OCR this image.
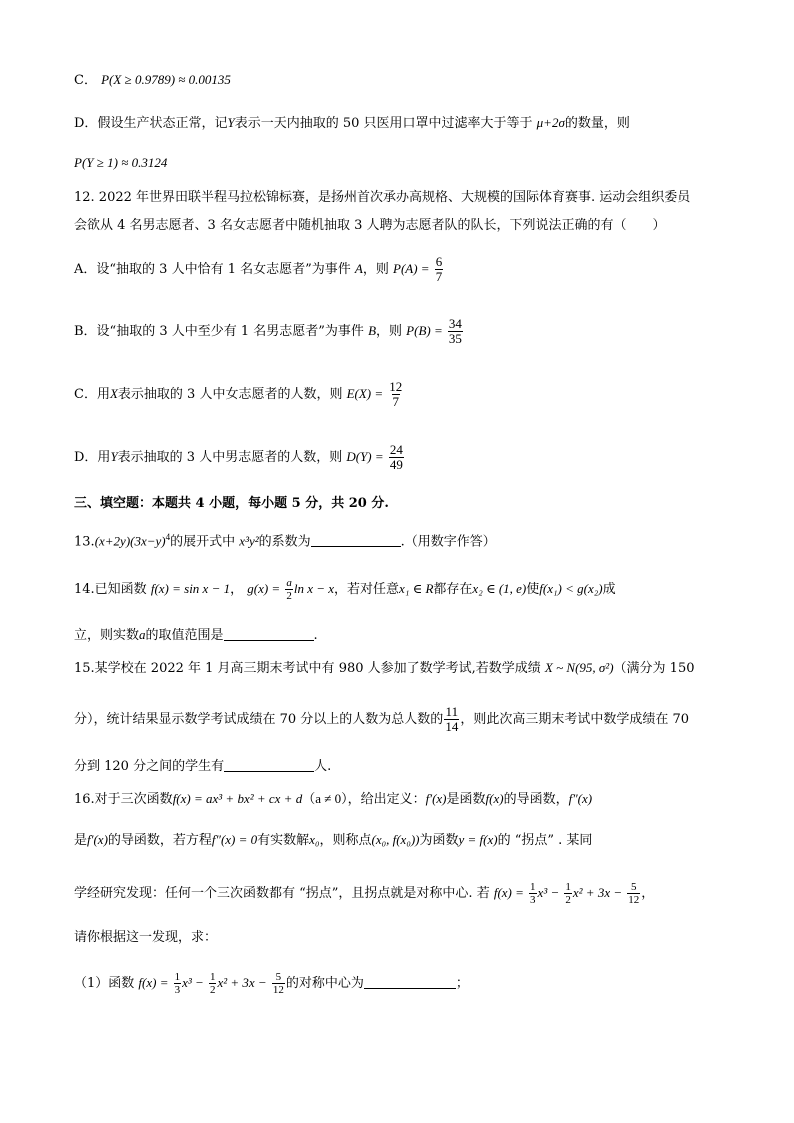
C． P(X ≥ 0.9789) ≈ 0.00135
D．假设生产状态正常，记Y表示一天内抽取的 50 只医用口罩中过滤率大于等于 μ+2σ的数量，则
P(Y ≥ 1) ≈ 0.3124
12. 2022 年世界田联半程马拉松锦标赛，是扬州首次承办高规格、大规模的国际体育赛事. 运动会组织委员
会欲从 4 名男志愿者、3 名女志愿者中随机抽取 3 人聘为志愿者队的队长，下列说法正确的有（　　）
A．设“抽取的 3 人中恰有 1 名女志愿者”为事件 A，则 $P(A) = \frac{6}{7}$
B．设“抽取的 3 人中至少有 1 名男志愿者”为事件 B，则 $P(B) = \frac{34}{35}$
C．用X表示抽取的 3 人中女志愿者的人数，则 $E(X) = \frac{12}{7}$
D．用Y表示抽取的 3 人中男志愿者的人数，则 $D(Y) = \frac{24}{49}$
三、填空题：本题共 4 小题，每小题 5 分，共 20 分.
$13.(x+2y)(3x-y)^4$的展开式中 x³y²的系数为	.（用数字作答）
14.已知函数 f(x) = sin x − 1， $g(x) = \frac{a}{2}$ ln x − x，若对任意x₁ ∈ R都存在x₂ ∈ (1, e)使f(x₁) < g(x₂)成
立，则实数a的取值范围是	.
15.某学校在 2022 年 1 月高三期末考试中有 980 人参加了数学考试,若数学成绩 X ~ N(95, σ²)（满分为 150
分），统计结果显示数学考试成绩在 70 分以上的人数为总人数的 $\frac{11}{14}$ ，则此次高三期末考试中数学成绩在 70
分到 120 分之间的学生有	人.
16.对于三次函数f(x) = ax³ + bx² + cx + d（a ≠ 0），给出定义：f′(x)是函数f(x)的导函数，f″(x)
是f′(x)的导函数，若方程f″(x) = 0有实数解x₀，则称点(x₀, f(x₀))为函数y = f(x)的 “拐点” . 某同
学经研究发现：任何一个三次函数都有 “拐点”，且拐点就是对称中心. 若 $f(x) = \frac{1}{3} x^3 - \frac{1}{2} x^2 + 3x - \frac{5}{12}$ ，
请你根据这一发现，求：
（1）函数 $f(x) = \frac{1}{3} x^3 - \frac{1}{2} x^2 + 3x - \frac{5}{12}$ 的对称中心为	；
